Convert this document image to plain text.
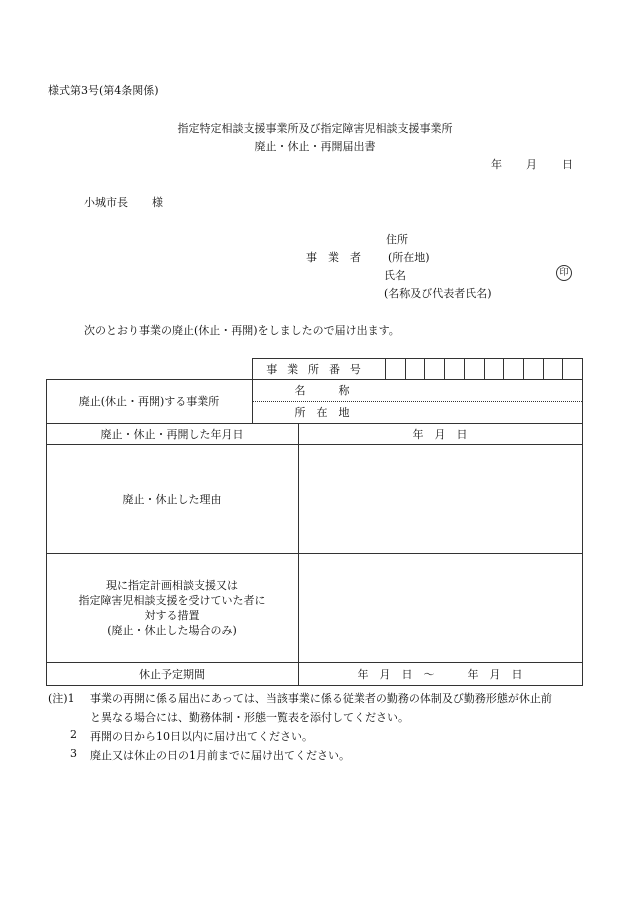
様式第3号(第4条関係)
指定特定相談支援事業所及び指定障害児相談支援事業所
廃止・休止・再開届出書
年 月 日
小城市長 様
住所
事　業　者 (所在地)
氏名	印
(名称及び代表者氏名)
次のとおり事業の廃止(休止・再開)をしましたので届け出ます。
事業所番号
廃止(休止・再開)する事業所
名　　　称
所　在　地
廃止・休止・再開した年月日	年　月　日
廃止・休止した理由
現に指定計画相談支援又は
指定障害児相談支援を受けていた者に
対する措置
(廃止・休止した場合のみ)
休止予定期間	年　月　日　～　　　年　月　日
(注)1 事業の再開に係る届出にあっては、当該事業に係る従業者の勤務の体制及び勤務形態が休止前
と異なる場合には、勤務体制・形態一覧表を添付してください。
2 再開の日から10日以内に届け出てください。
3 廃止又は休止の日の1月前までに届け出てください。
